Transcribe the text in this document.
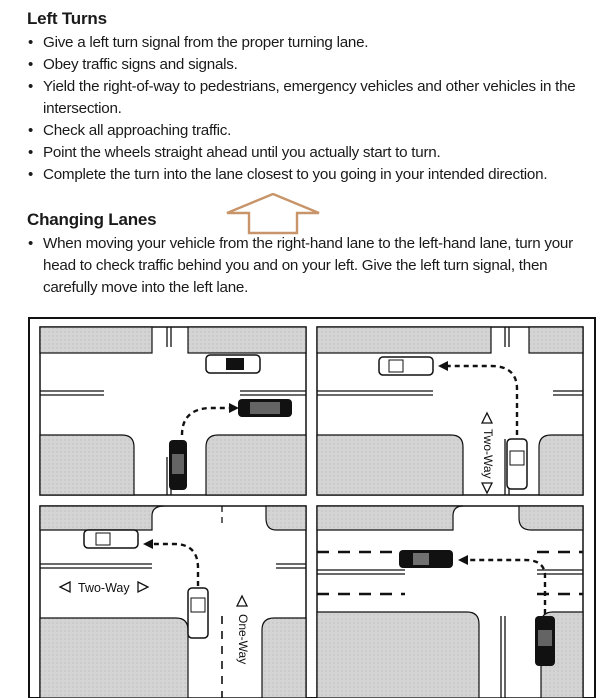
Left Turns
• Give a left turn signal from the proper turning lane.
• Obey traffic signs and signals.
• Yield the right-of-way to pedestrians, emergency vehicles and other vehicles in the intersection.
• Check all approaching traffic.
• Point the wheels straight ahead until you actually start to turn.
• Complete the turn into the lane closest to you going in your intended direction.
Changing Lanes
• When moving your vehicle from the right-hand lane to the left-hand lane, turn your head to check traffic behind you and on your left. Give the left turn signal, then carefully move into the left lane.
Two-Way
Two-Way
One-Way
